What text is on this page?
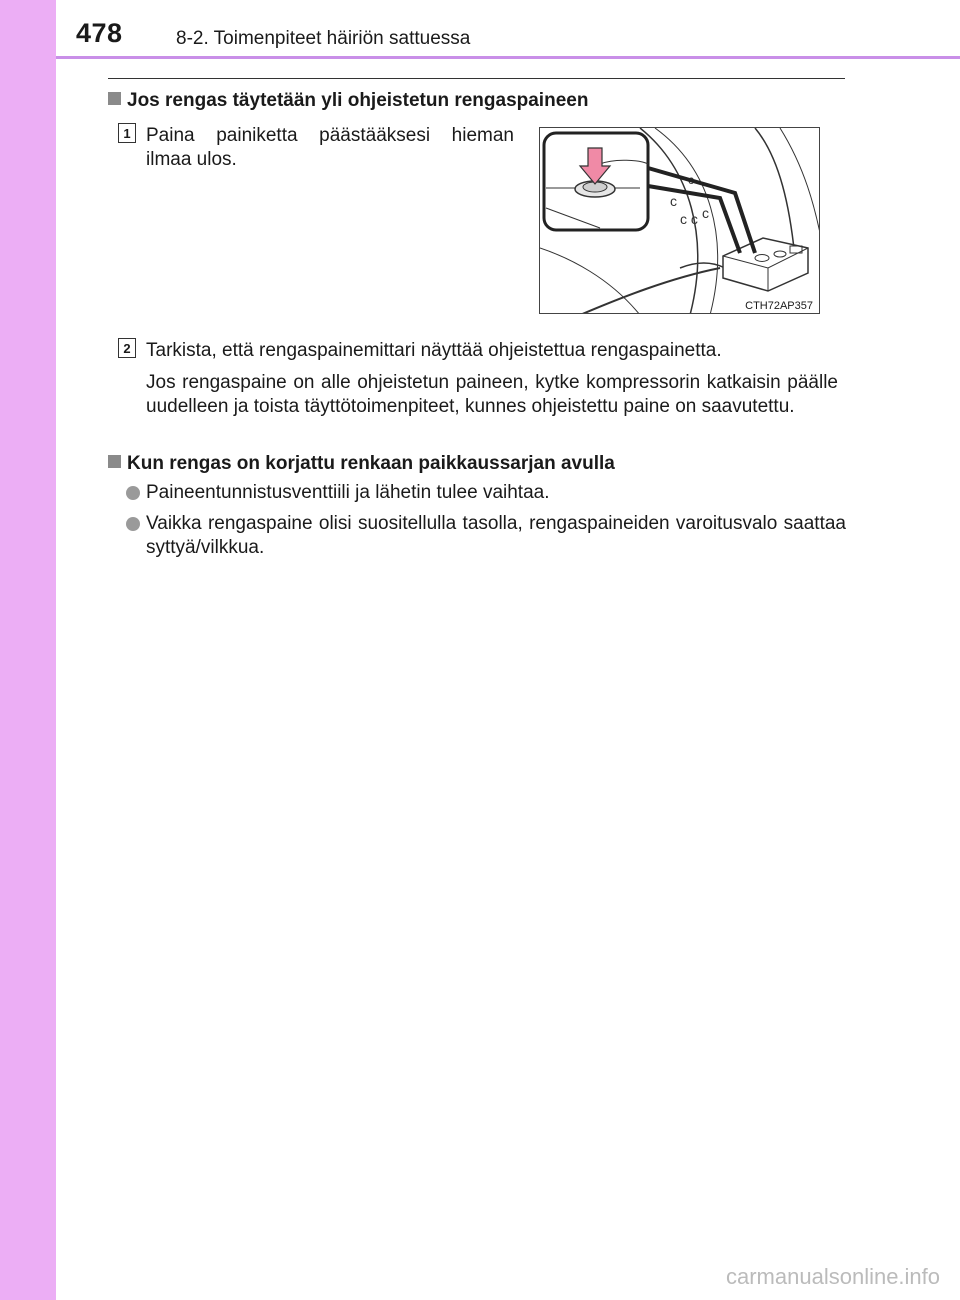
478	8-2. Toimenpiteet häiriön sattuessa
Jos rengas täytetään yli ohjeistetun rengaspaineen
1 Paina painiketta päästääksesi hieman ilmaa ulos.
c
c c c
c
CTH72AP357
2 Tarkista, että rengaspainemittari näyttää ohjeistettua rengaspainetta.
Jos rengaspaine on alle ohjeistetun paineen, kytke kompressorin katkaisin päälle uudelleen ja toista täyttötoimenpiteet, kunnes ohjeistettu paine on saavutettu.
Kun rengas on korjattu renkaan paikkaussarjan avulla
Paineentunnistusventtiili ja lähetin tulee vaihtaa.
Vaikka rengaspaine olisi suositellulla tasolla, rengaspaineiden varoitusvalo saattaa syttyä/vilkkua.
carmanualsonline.info
